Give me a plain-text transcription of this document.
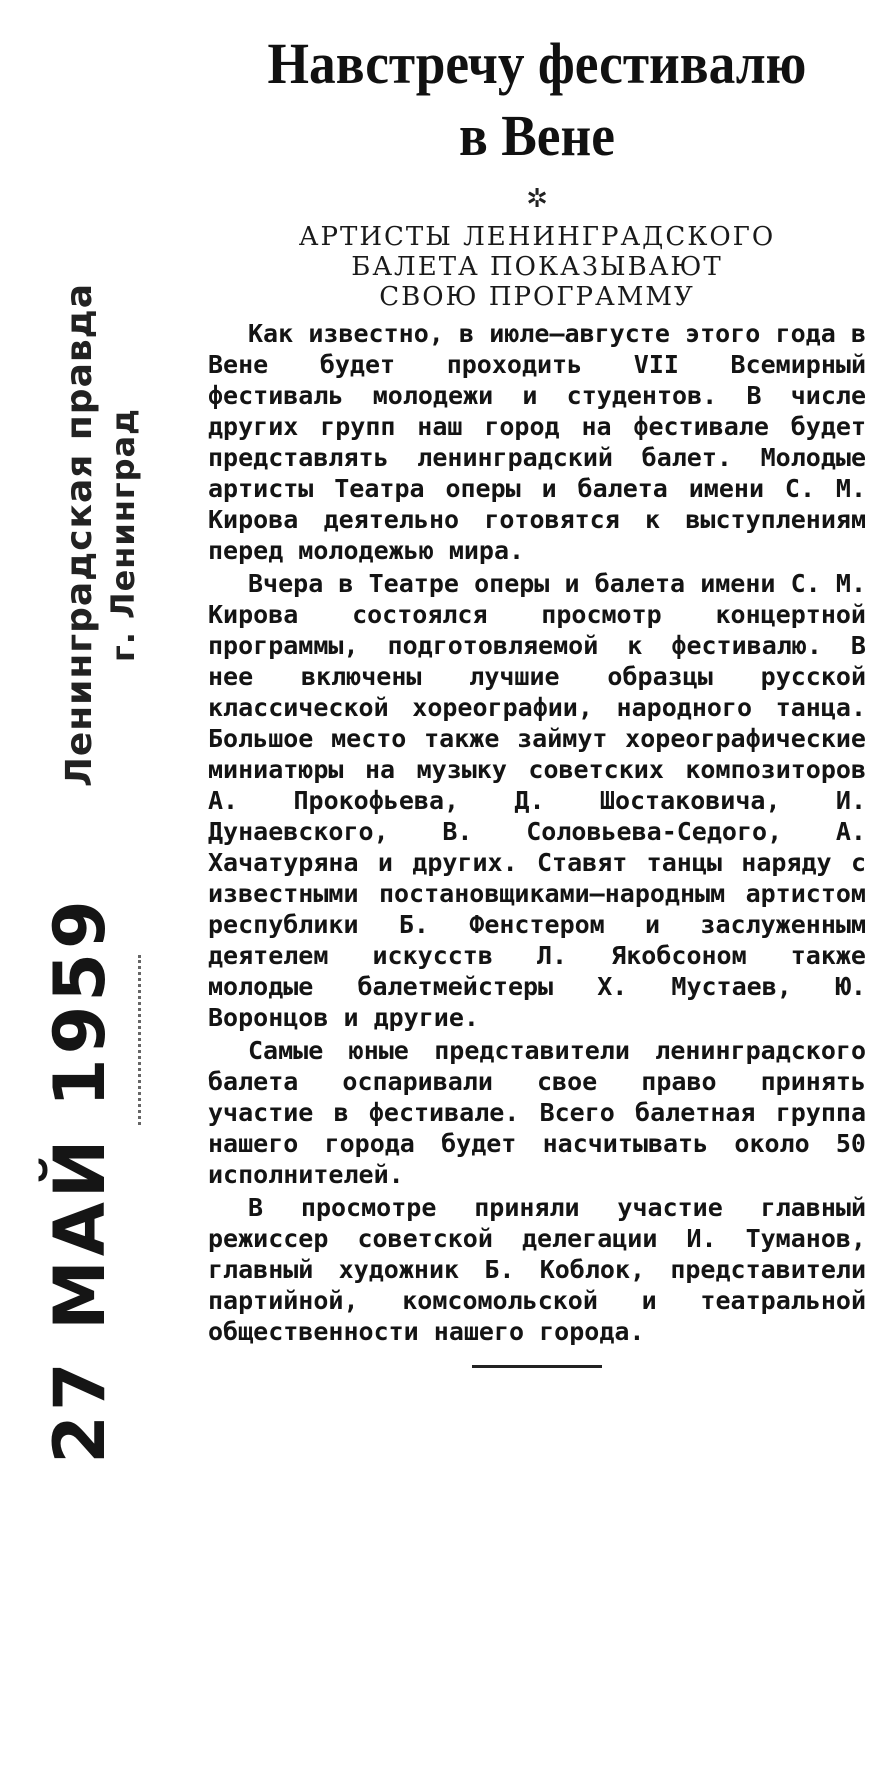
Ленинградская правда г. Ленинград
27 МАЙ 1959
Навстречу фестивалю
в Вене
✲
АРТИСТЫ ЛЕНИНГРАДСКОГО
БАЛЕТА ПОКАЗЫВАЮТ
СВОЮ ПРОГРАММУ

Как известно, в июле—августе этого года в Вене будет проходить VII Всемирный фестиваль молодежи и студентов. В числе других групп наш город на фестивале будет представлять ленинградский балет. Молодые артисты Театра оперы и балета имени С. М. Кирова деятельно готовятся к выступлениям перед молодежью мира.

Вчера в Театре оперы и балета имени С. М. Кирова состоялся просмотр концертной программы, подготовляемой к фестивалю. В нее включены лучшие образцы русской классической хореографии, народного танца. Большое место также займут хореографические миниатюры на музыку советских композиторов А. Прокофьева, Д. Шостаковича, И. Дунаевского, В. Соловьева-Седого, А. Хачатуряна и других. Ставят танцы наряду с известными постановщиками—народным артистом республики Б. Фенстером и заслуженным деятелем искусств Л. Якобсоном также молодые балетмейстеры Х. Мустаев, Ю. Воронцов и другие.

Самые юные представители ленинградского балета оспаривали свое право принять участие в фестивале. Всего балетная группа нашего города будет насчитывать около 50 исполнителей.

В просмотре приняли участие главный режиссер советской делегации И. Туманов, главный художник Б. Коблок, представители партийной, комсомольской и театральной общественности нашего города.
